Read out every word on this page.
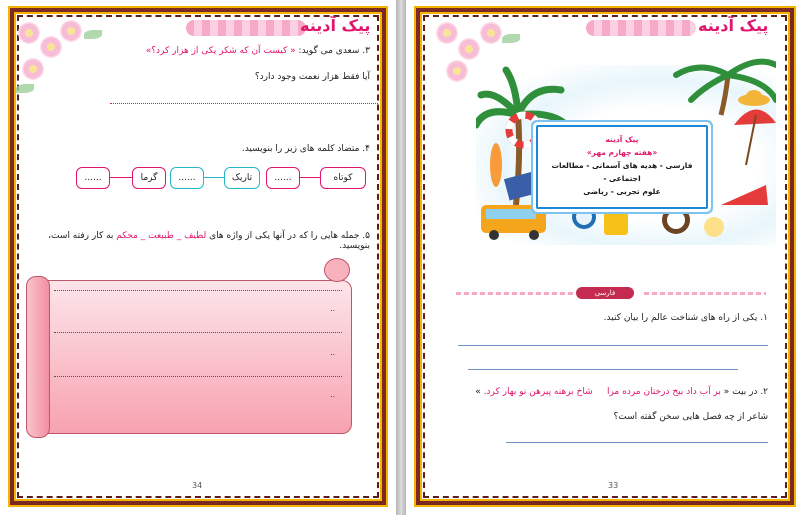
پیک آدینه
۳. سعدی می گوید: « کیست آن که شکر یکی از هزار کرد؟»
آیا فقط هزار نعمت وجود دارد؟
۴. متضاد کلمه های زیر را بنویسید.
کوتاه
......
تاریک
......
گرما
......
۵. جمله هایی را که در آنها یکی از واژه های لطیف _ طبیعت _ محکم به کار رفته است، بنویسید.
..
..
..
34
پیک آدینه

پیک آدینه

«هفته چهارم مهر»

فارسی - هدیه های آسمانی - مطالعات اجتماعی -

علوم تجربی - ریاضی

فارسی
۱. یکی از راه های شناخت عالم را بیان کنید.
۲. در بیت « بر آب داد بیخ درختان مرده مرا     شاخ برهنه پیرهن نو بهار کرد. »
شاعر از چه فصل هایی سخن گفته است؟
33
